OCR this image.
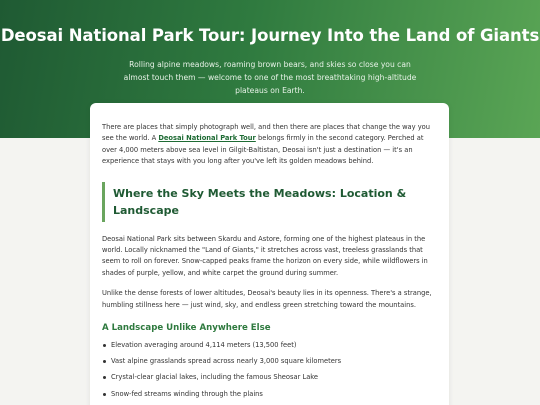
Deosai National Park Tour: Journey Into the Land of Giants

Rolling alpine meadows, roaming brown bears, and skies so close you can almost touch them — welcome to one of the most breathtaking high-altitude plateaus on Earth.

There are places that simply photograph well, and then there are places that change the way you see the world. A Deosai National Park Tour belongs firmly in the second category. Perched at over 4,000 meters above sea level in Gilgit-Baltistan, Deosai isn't just a destination — it's an experience that stays with you long after you've left its golden meadows behind.

Where the Sky Meets the Meadows: Location & Landscape

Deosai National Park sits between Skardu and Astore, forming one of the highest plateaus in the world. Locally nicknamed the "Land of Giants," it stretches across vast, treeless grasslands that seem to roll on forever. Snow-capped peaks frame the horizon on every side, while wildflowers in shades of purple, yellow, and white carpet the ground during summer.

Unlike the dense forests of lower altitudes, Deosai's beauty lies in its openness. There's a strange, humbling stillness here — just wind, sky, and endless green stretching toward the mountains.

A Landscape Unlike Anywhere Else
Elevation averaging around 4,114 meters (13,500 feet)
Vast alpine grasslands spread across nearly 3,000 square kilometers
Crystal-clear glacial lakes, including the famous Sheosar Lake
Snow-fed streams winding through the plains
